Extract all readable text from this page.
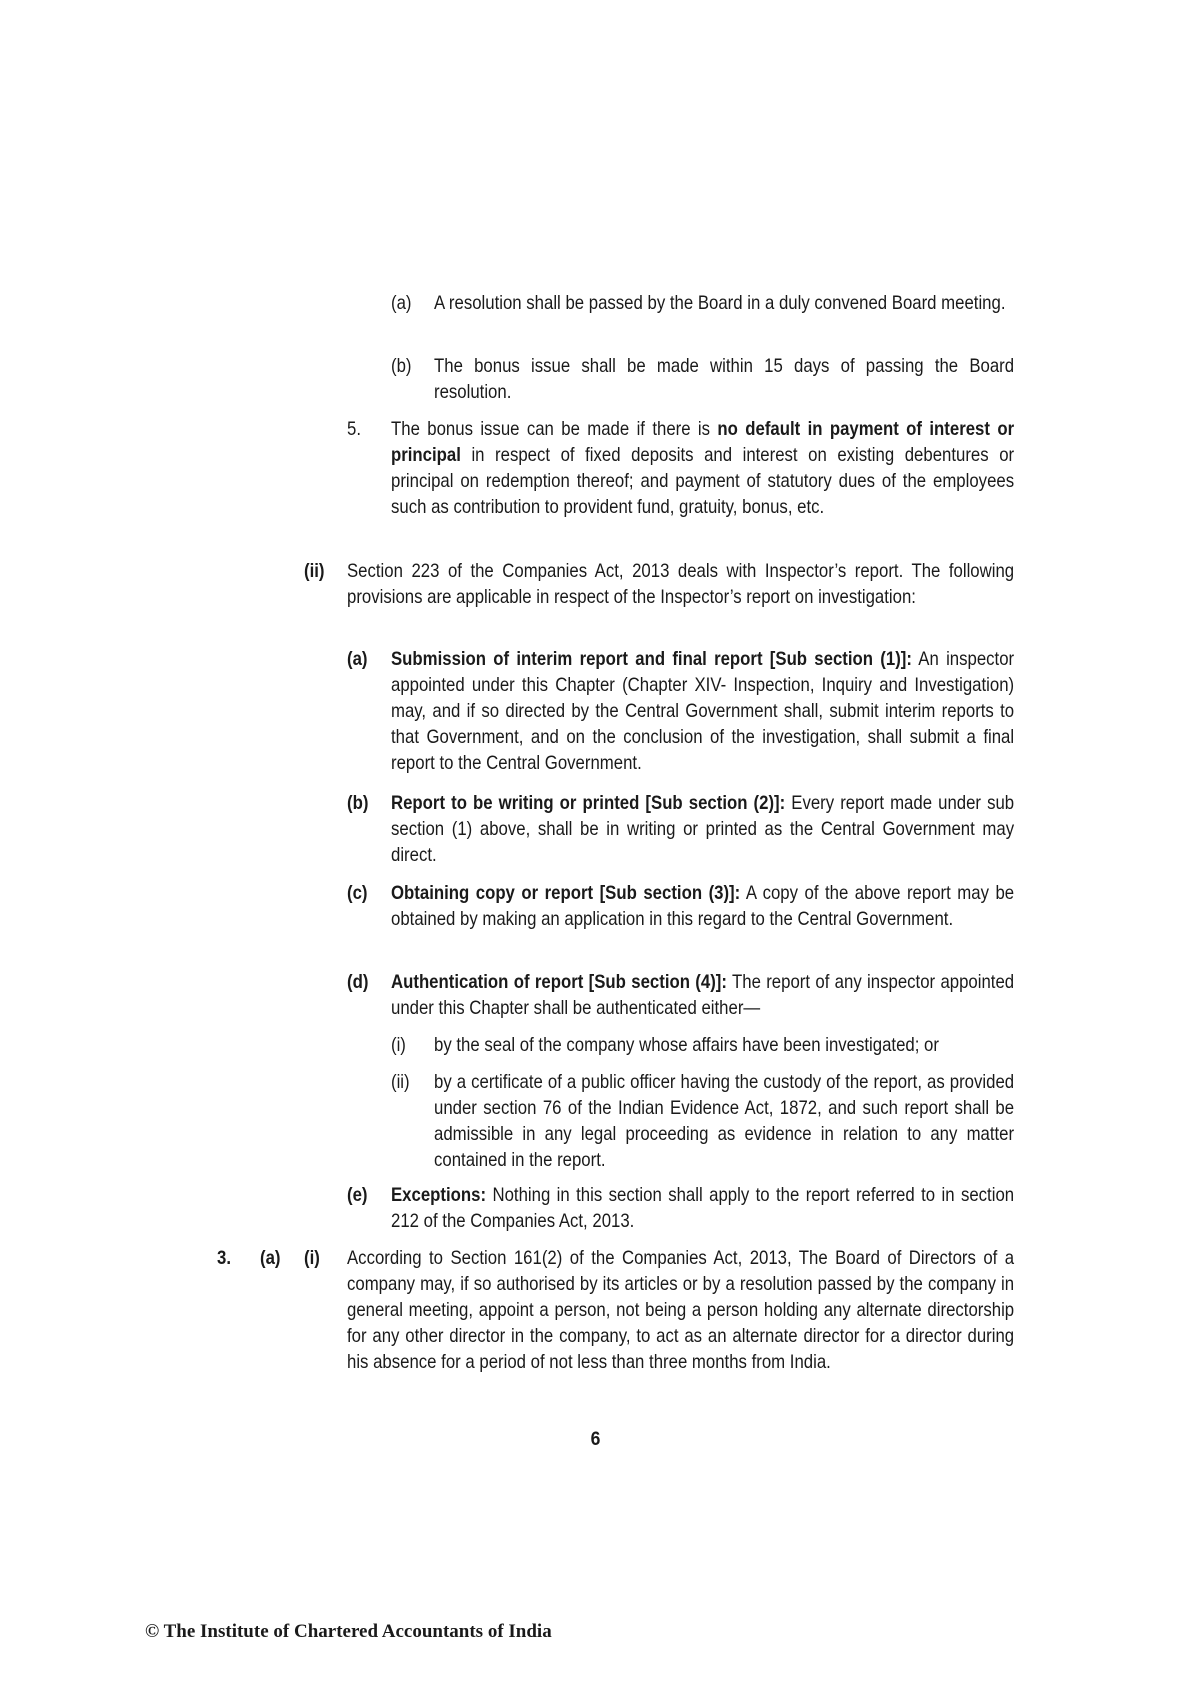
(a) A resolution shall be passed by the Board in a duly convened Board meeting.
(b) The bonus issue shall be made within 15 days of passing the Board resolution.
5. The bonus issue can be made if there is no default in payment of interest or principal in respect of fixed deposits and interest on existing debentures or principal on redemption thereof; and payment of statutory dues of the employees such as contribution to provident fund, gratuity, bonus, etc.
(ii) Section 223 of the Companies Act, 2013 deals with Inspector’s report. The following provisions are applicable in respect of the Inspector’s report on investigation:
(a) Submission of interim report and final report [Sub section (1)]: An inspector appointed under this Chapter (Chapter XIV- Inspection, Inquiry and Investigation) may, and if so directed by the Central Government shall, submit interim reports to that Government, and on the conclusion of the investigation, shall submit a final report to the Central Government.
(b) Report to be writing or printed [Sub section (2)]: Every report made under sub section (1) above, shall be in writing or printed as the Central Government may direct.
(c) Obtaining copy or report [Sub section (3)]: A copy of the above report may be obtained by making an application in this regard to the Central Government.
(d) Authentication of report [Sub section (4)]: The report of any inspector appointed under this Chapter shall be authenticated either—
(i) by the seal of the company whose affairs have been investigated; or
(ii) by a certificate of a public officer having the custody of the report, as provided under section 76 of the Indian Evidence Act, 1872, and such report shall be admissible in any legal proceeding as evidence in relation to any matter contained in the report.
(e) Exceptions: Nothing in this section shall apply to the report referred to in section 212 of the Companies Act, 2013.
3. (a) (i) According to Section 161(2) of the Companies Act, 2013, The Board of Directors of a company may, if so authorised by its articles or by a resolution passed by the company in general meeting, appoint a person, not being a person holding any alternate directorship for any other director in the company, to act as an alternate director for a director during his absence for a period of not less than three months from India.
6
© The Institute of Chartered Accountants of India
